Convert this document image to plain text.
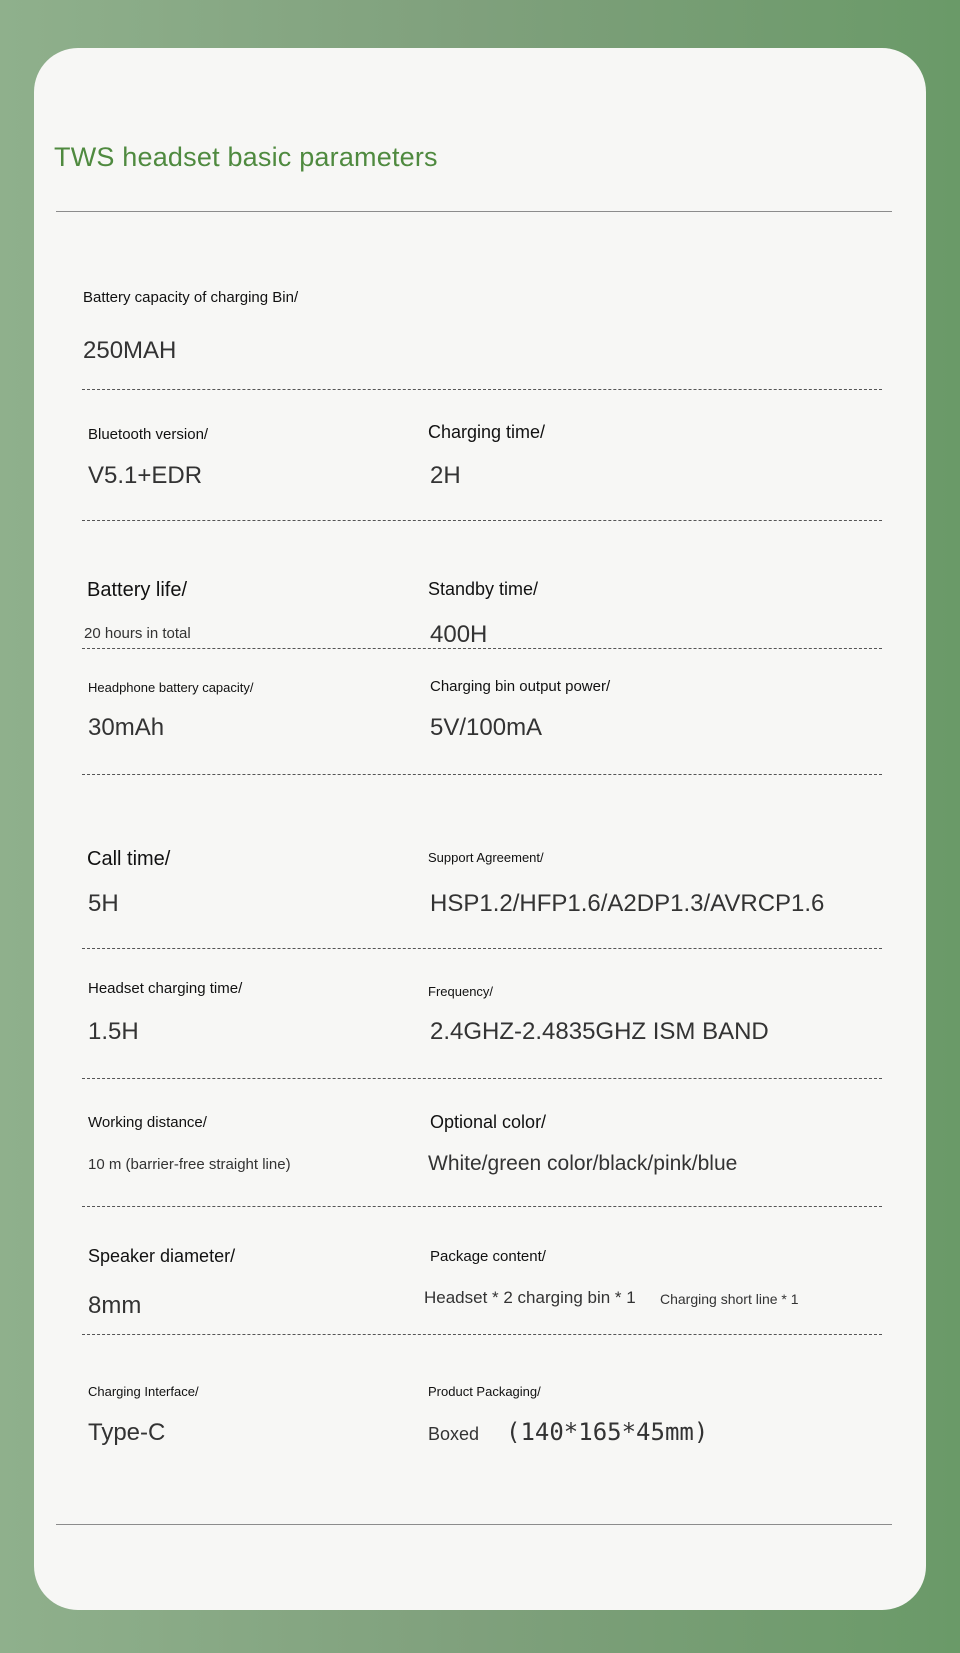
TWS headset basic parameters
Battery capacity of charging Bin/
250MAH
Bluetooth version/
V5.1+EDR
Charging time/
2H
Battery life/
20 hours in total
Standby time/
400H
Headphone battery capacity/
30mAh
Charging bin output power/
5V/100mA
Call time/
5H
Support Agreement/
HSP1.2/HFP1.6/A2DP1.3/AVRCP1.6
Headset charging time/
1.5H
Frequency/
2.4GHZ-2.4835GHZ ISM BAND
Working distance/
10 m (barrier-free straight line)
Optional color/
White/green color/black/pink/blue
Speaker diameter/
8mm
Package content/
Headset * 2 charging bin * 1 Charging short line * 1
Charging Interface/
Type-C
Product Packaging/
Boxed (140*165*45mm)
